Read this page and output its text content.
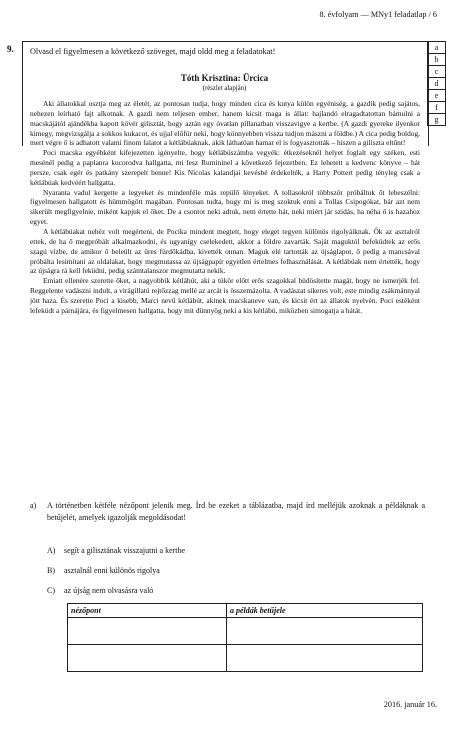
8. évfolyam — MNy1 feladatlap / 6
9.	a
b
c
d
e
f
g
Olvasd el figyelmesen a következő szöveget, majd oldd meg a feladatokat!
Tóth Krisztina: Ürcica
(részlet alapján)

Aki állatokkal osztja meg az életét, az pontosan tudja, hogy minden cica és kutya külön egyéniség, a gazdik pedig sajátos, nehezen leírható fajt alkotnak. A gazdi nem teljesen ember, hanem kicsit maga is állat: hajlandó elragadtatottan bámulni a macskájától ajándékba kapott kövér gilisztát, hogy aztán egy óvatlan pillanatban visszavigye a kertbe. (A gazdi gyereke ilyenkor kimegy, megvizsgálja a sokkos kukacot, és ujjal előfúr neki, hogy könnyebben vissza tudjon mászni a földbe.) A cica pedig boldog, mert végre ő is adhatott valami finom falatot a kétlábúaknak, akik láthatóan hamar el is fogyasztották – hiszen a giliszta eltűnt!

Poci macska egyébként kifejezetten igényelte, hogy kétlábúszámba vegyék: étkezéseknél helyet foglalt egy széken, esti mesénél pedig a paplanra kucorodva hallgatta, mi lesz Rumininel a következő fejezetben. Ez lehetett a kedvenc könyve – hát persze, csak egér és patkány szerepelt benne! Kis Nicolas kalandjai kevésbé érdekelték, a Harry Pottert pedig tényleg csak a kétlábúak kedvéért hallgatta.

Nyaranta vadul kergette a legyeket és mindenféle más repülő lényeket. A tollasokról többször próbáltuk őt lebeszélni: figyelmesen hallgatott és hümmögött magában. Pontosan tudta, hogy mi is meg szoktuk enni a Tollas Csipogókat, bár azt nem sikerült megfigyelnie, miként kapjuk el őket. De a csontot neki adtuk, nem értette hát, neki miért jár szidás, ha néha ő is hazahoz egyet.

A kétlábúakat nehéz volt megérteni, de Pocika mindent megtett, hogy eleget tegyen különös rigolyáiknak. Ők az asztalról ettek, de ha ő megpróbált alkalmazkodni, és ugyanígy cselekedett, akkor a földre zavarták. Saját maguktól befeküdtek az erős szagú vízbe, de amikor ő beleült az üres fürdőkádba, kivették onnan. Maguk elé tartották az újságlapot, ő pedig a mancsával próbálta lesimítani az oldalakat, hogy megmutassa az újságpapír egyetlen értelmes felhasználását. A kétlábúak nem értették, hogy az újságra rá kell feküdni, pedig számtalanszor megmutatta nekik.

Emiatt ellenére szerette őket, a nagyobbik kétlábút, aki a tükör előtt erős szagokkal büdösítette magát, hogy ne ismerjék fel. Reggelente vadászni indult, a virágillatú rejtőzzag mellé az arcát is összemázolta. A vadászat sikeres volt, este mindig zsákmánnyal jött haza. És szerette Poci a kisebb, Marci nevű kétlábút, akinek macskaneve van, és kicsit ért az állatok nyelvén. Poci estéként lefeküdt a párnájára, és figyelmesen hallgatta, hogy mit dünnyög neki a kis kétlábú, miközben simogatja a hátát.

a) A történetben kétféle nézőpont jelenik meg. Írd be ezeket a táblázatba, majd írd melléjük azoknak a példáknak a betűjelét, amelyek igazolják megoldásodat!
A) segít a gilisztának visszajutni a kertbe
B) asztalnál enni különös rigolya
C) az újság nem olvasásra való
nézőpont	a példák betűjele

2016. január 16.
